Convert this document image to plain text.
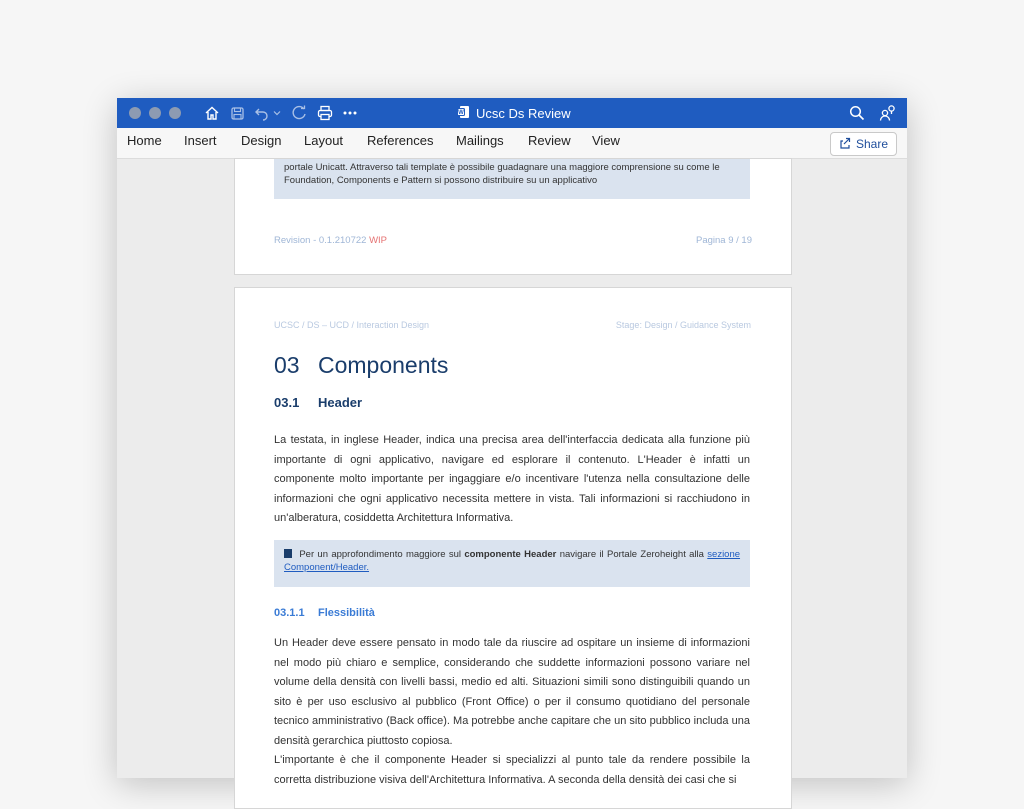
W Ucsc Ds Review
Home Insert Design Layout References Mailings Review View	Share
portale Unicatt. Attraverso tali template è possibile guadagnare una maggiore comprensione su come le
Foundation, Components e Pattern si possono distribuire su un applicativo
Revision - 0.1.210722 WIP	Pagina 9 / 19
UCSC / DS – UCD / Interaction Design	Stage: Design / Guidance System
03 Components
03.1 Header

La testata, in inglese Header, indica una precisa area dell'interfaccia dedicata alla funzione più importante di ogni applicativo, navigare ed esplorare il contenuto. L'Header è infatti un componente molto importante per ingaggiare e/o incentivare l'utenza nella consultazione delle informazioni che ogni applicativo necessita mettere in vista. Tali informazioni si racchiudono in un'alberatura, cosiddetta Architettura Informativa.

Per un approfondimento maggiore sul componente Header navigare il Portale Zeroheight alla sezione Component/Header.
03.1.1 Flessibilità

Un Header deve essere pensato in modo tale da riuscire ad ospitare un insieme di informazioni nel modo più chiaro e semplice, considerando che suddette informazioni possono variare nel volume della densità con livelli bassi, medio ed alti. Situazioni simili sono distinguibili quando un sito è per uso esclusivo al pubblico (Front Office) o per il consumo quotidiano del personale tecnico amministrativo (Back office). Ma potrebbe anche capitare che un sito pubblico includa una densità gerarchica piuttosto copiosa.

L'importante è che il componente Header si specializzi al punto tale da rendere possibile la corretta distribuzione visiva dell'Architettura Informativa. A seconda della densità dei casi che si
